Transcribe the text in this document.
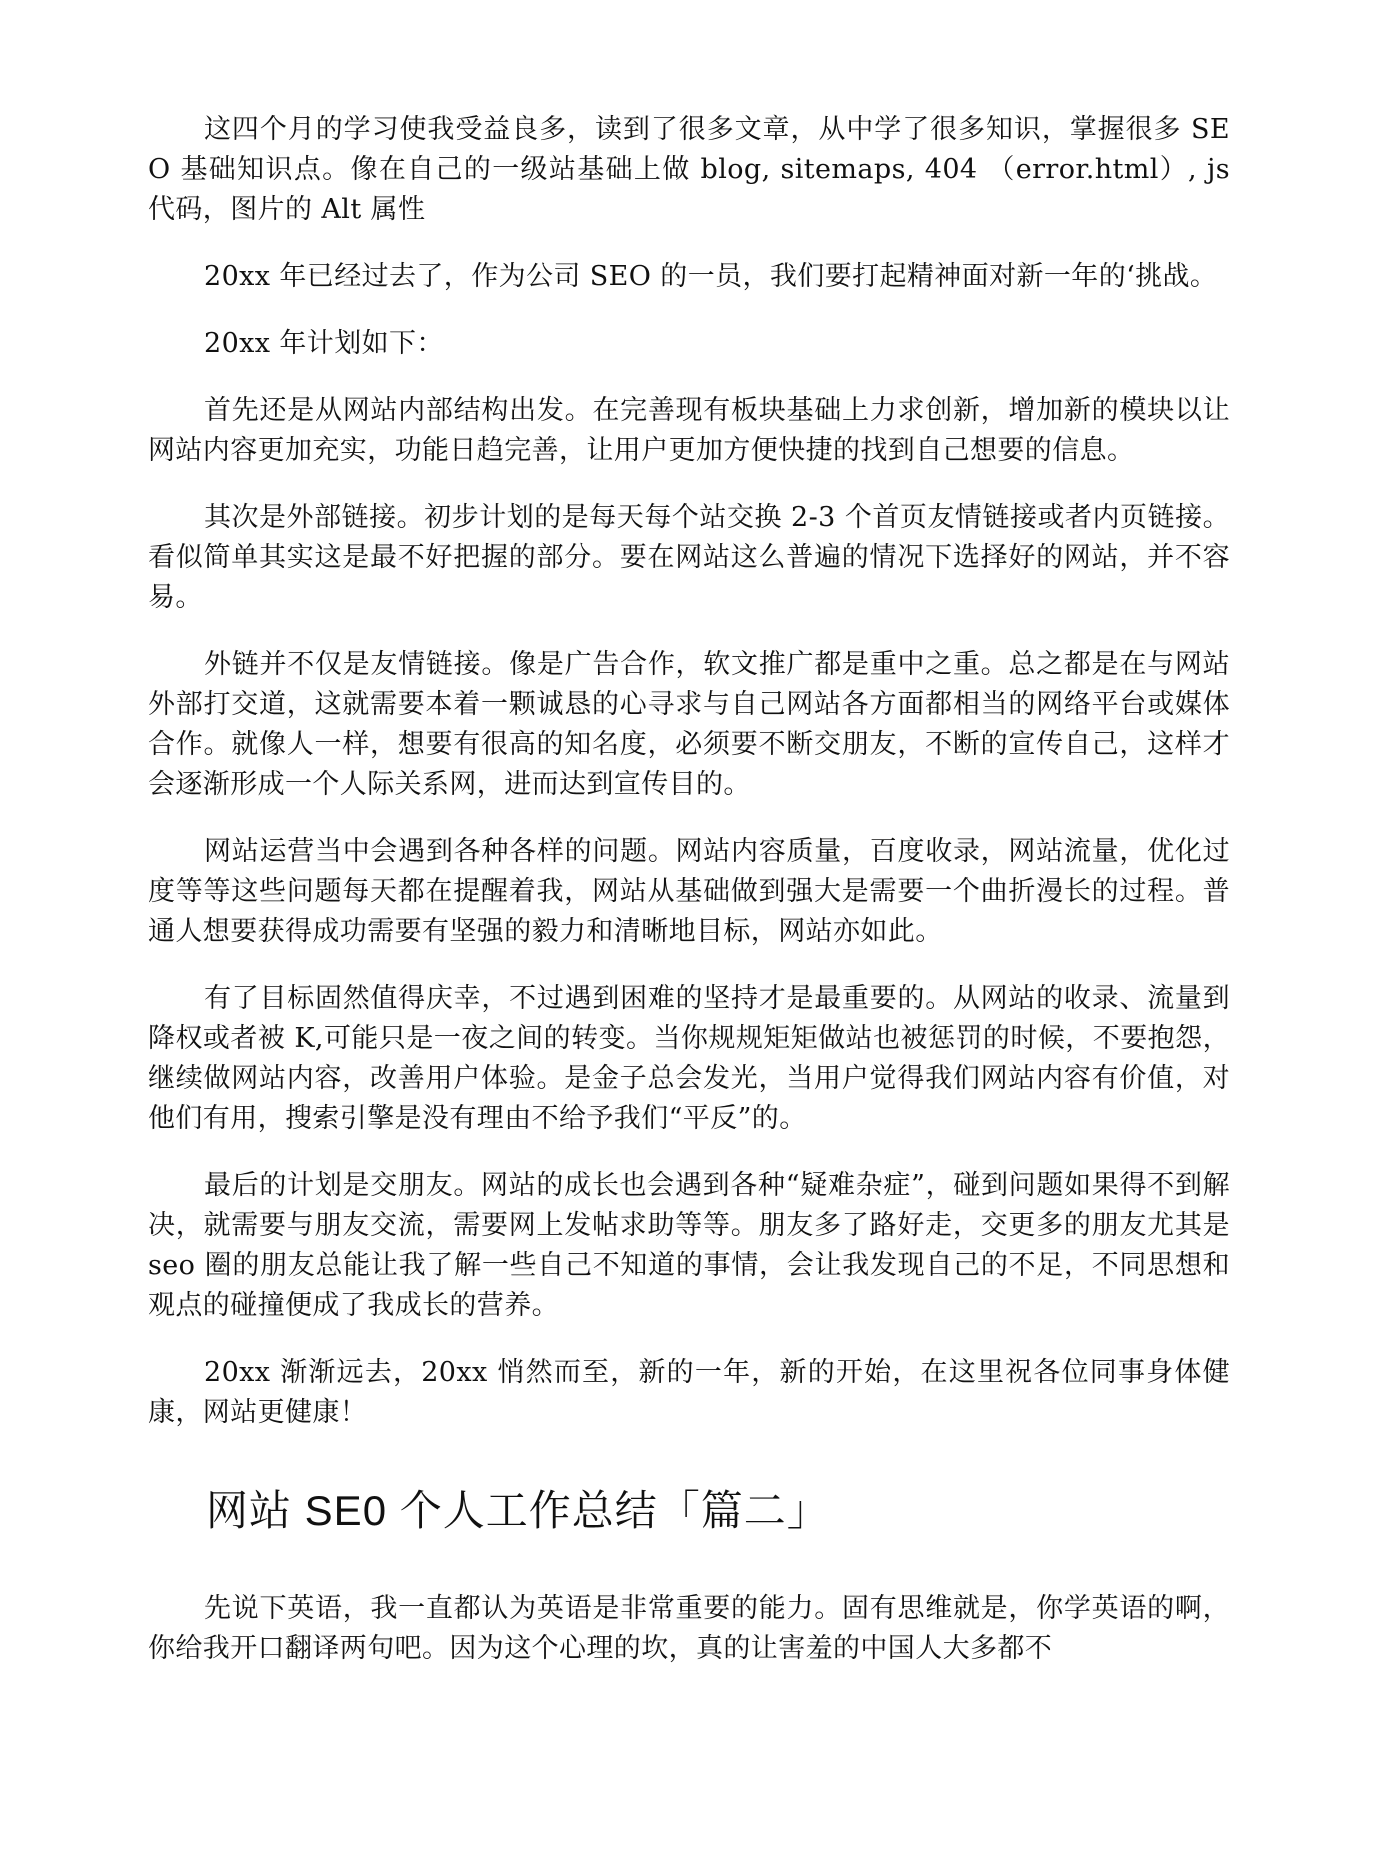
这四个月的学习使我受益良多，读到了很多文章，从中学了很多知识，掌握很多 SEO 基础知识点。像在自己的一级站基础上做 blog, sitemaps, 404 （error.html）, js 代码，图片的 Alt 属性

20xx 年已经过去了，作为公司 SEO 的一员，我们要打起精神面对新一年的‘挑战。

20xx 年计划如下：

首先还是从网站内部结构出发。在完善现有板块基础上力求创新，增加新的模块以让网站内容更加充实，功能日趋完善，让用户更加方便快捷的找到自己想要的信息。

其次是外部链接。初步计划的是每天每个站交换 2-3 个首页友情链接或者内页链接。看似简单其实这是最不好把握的部分。要在网站这么普遍的情况下选择好的网站，并不容易。

外链并不仅是友情链接。像是广告合作，软文推广都是重中之重。总之都是在与网站外部打交道，这就需要本着一颗诚恳的心寻求与自己网站各方面都相当的网络平台或媒体合作。就像人一样，想要有很高的知名度，必须要不断交朋友，不断的宣传自己，这样才会逐渐形成一个人际关系网，进而达到宣传目的。

网站运营当中会遇到各种各样的问题。网站内容质量，百度收录，网站流量，优化过度等等这些问题每天都在提醒着我，网站从基础做到强大是需要一个曲折漫长的过程。普通人想要获得成功需要有坚强的毅力和清晰地目标，网站亦如此。

有了目标固然值得庆幸，不过遇到困难的坚持才是最重要的。从网站的收录、流量到降权或者被 K,可能只是一夜之间的转变。当你规规矩矩做站也被惩罚的时候，不要抱怨，继续做网站内容，改善用户体验。是金子总会发光，当用户觉得我们网站内容有价值，对他们有用，搜索引擎是没有理由不给予我们“平反”的。

最后的计划是交朋友。网站的成长也会遇到各种“疑难杂症”，碰到问题如果得不到解决，就需要与朋友交流，需要网上发帖求助等等。朋友多了路好走，交更多的朋友尤其是 seo 圈的朋友总能让我了解一些自己不知道的事情，会让我发现自己的不足，不同思想和观点的碰撞便成了我成长的营养。

20xx 渐渐远去，20xx 悄然而至，新的一年，新的开始，在这里祝各位同事身体健康，网站更健康！

网站 SE0 个人工作总结「篇二」

先说下英语，我一直都认为英语是非常重要的能力。固有思维就是，你学英语的啊，你给我开口翻译两句吧。因为这个心理的坎，真的让害羞的中国人大多都不
